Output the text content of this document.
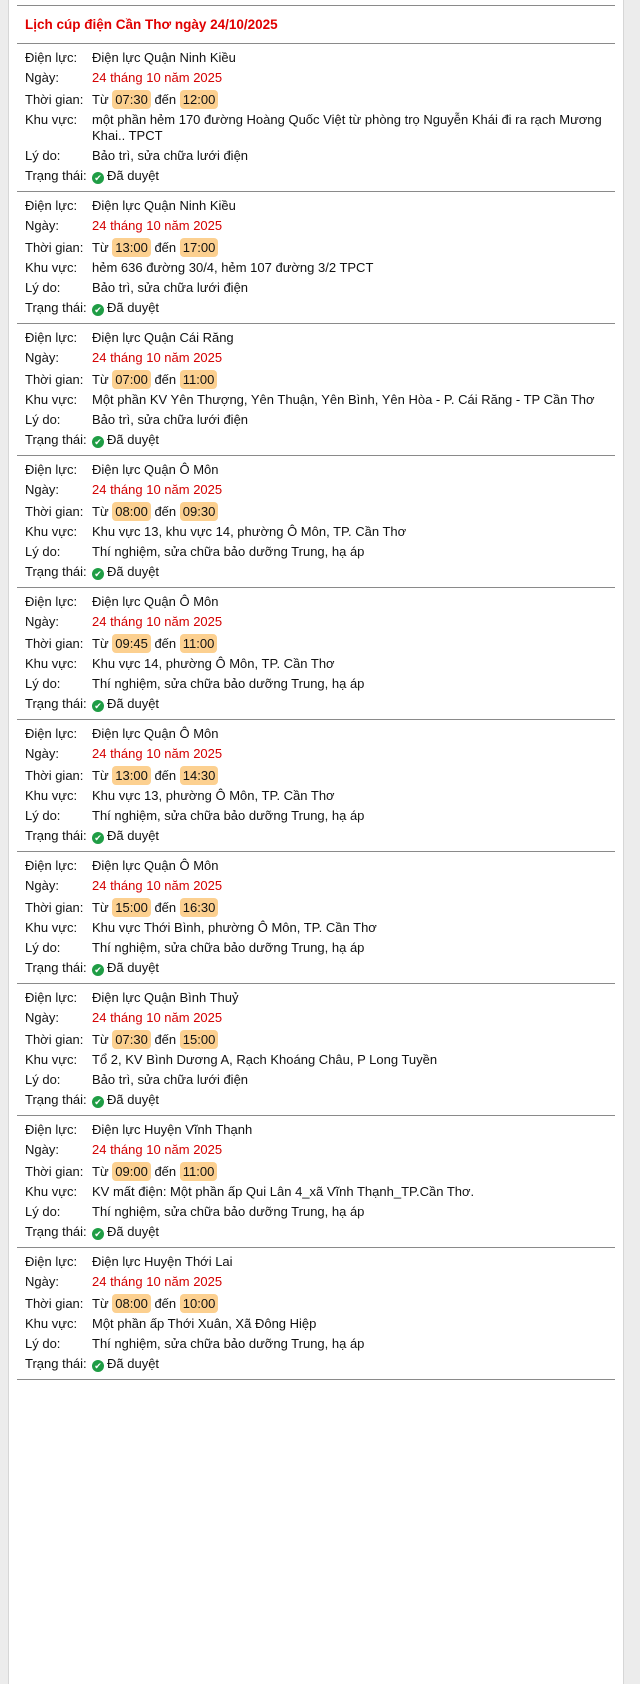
Lịch cúp điện Cần Thơ ngày 24/10/2025
Điện lực:	Điện lực Quận Ninh Kiều
Ngày:	24 tháng 10 năm 2025
Thời gian: Từ 07:30 đến 12:00
Khu vực:	một phần hẻm 170 đường Hoàng Quốc Việt từ phòng trọ Nguyễn Khái đi ra rạch Mương Khai.. TPCT
Lý do:	Bảo trì, sửa chữa lưới điện
Trạng thái: ✔ Đã duyệt
Điện lực:	Điện lực Quận Ninh Kiều
Ngày:	24 tháng 10 năm 2025
Thời gian: Từ 13:00 đến 17:00
Khu vực:	hẻm 636 đường 30/4, hẻm 107 đường 3/2 TPCT
Lý do:	Bảo trì, sửa chữa lưới điện
Trạng thái: ✔ Đã duyệt
Điện lực:	Điện lực Quận Cái Răng
Ngày:	24 tháng 10 năm 2025
Thời gian: Từ 07:00 đến 11:00
Khu vực:	Một phần KV Yên Thượng, Yên Thuận, Yên Bình, Yên Hòa - P. Cái Răng - TP Cần Thơ
Lý do:	Bảo trì, sửa chữa lưới điện
Trạng thái: ✔ Đã duyệt
Điện lực:	Điện lực Quận Ô Môn
Ngày:	24 tháng 10 năm 2025
Thời gian: Từ 08:00 đến 09:30
Khu vực:	Khu vực 13, khu vực 14, phường Ô Môn, TP. Cần Thơ
Lý do:	Thí nghiệm, sửa chữa bảo dưỡng Trung, hạ áp
Trạng thái: ✔ Đã duyệt
Điện lực:	Điện lực Quận Ô Môn
Ngày:	24 tháng 10 năm 2025
Thời gian: Từ 09:45 đến 11:00
Khu vực:	Khu vực 14, phường Ô Môn, TP. Cần Thơ
Lý do:	Thí nghiệm, sửa chữa bảo dưỡng Trung, hạ áp
Trạng thái: ✔ Đã duyệt
Điện lực:	Điện lực Quận Ô Môn
Ngày:	24 tháng 10 năm 2025
Thời gian: Từ 13:00 đến 14:30
Khu vực:	Khu vực 13, phường Ô Môn, TP. Cần Thơ
Lý do:	Thí nghiệm, sửa chữa bảo dưỡng Trung, hạ áp
Trạng thái: ✔ Đã duyệt
Điện lực:	Điện lực Quận Ô Môn
Ngày:	24 tháng 10 năm 2025
Thời gian: Từ 15:00 đến 16:30
Khu vực:	Khu vực Thới Bình, phường Ô Môn, TP. Cần Thơ
Lý do:	Thí nghiệm, sửa chữa bảo dưỡng Trung, hạ áp
Trạng thái: ✔ Đã duyệt
Điện lực:	Điện lực Quận Bình Thuỷ
Ngày:	24 tháng 10 năm 2025
Thời gian: Từ 07:30 đến 15:00
Khu vực:	Tổ 2, KV Bình Dương A, Rạch Khoáng Châu, P Long Tuyền
Lý do:	Bảo trì, sửa chữa lưới điện
Trạng thái: ✔ Đã duyệt
Điện lực:	Điện lực Huyện Vĩnh Thạnh
Ngày:	24 tháng 10 năm 2025
Thời gian: Từ 09:00 đến 11:00
Khu vực:	KV mất điện: Một phần ấp Qui Lân 4_xã Vĩnh Thạnh_TP.Cần Thơ.
Lý do:	Thí nghiệm, sửa chữa bảo dưỡng Trung, hạ áp
Trạng thái: ✔ Đã duyệt
Điện lực:	Điện lực Huyện Thới Lai
Ngày:	24 tháng 10 năm 2025
Thời gian: Từ 08:00 đến 10:00
Khu vực:	Một phần ấp Thới Xuân, Xã Đông Hiệp
Lý do:	Thí nghiệm, sửa chữa bảo dưỡng Trung, hạ áp
Trạng thái: ✔ Đã duyệt
